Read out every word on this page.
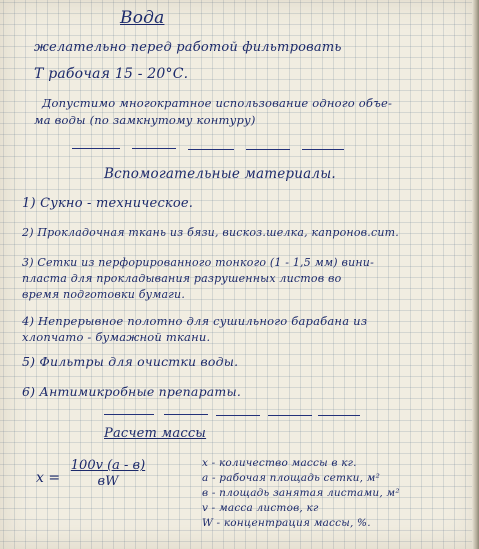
Вода

желательно перед работой фильтровать

Т рабочая 15 - 20°С.

Допустимо многократное использование одного объе-

ма воды (по замкнутому контуру)

Вспомогательные материалы.

1) Сукно - техническое.

2) Прокладочная ткань из бязи, вискоз.шелка, капронов.сит.

3) Сетки из перфорированного тонкого (1 - 1,5 мм) вини-

пласта для прокладывания разрушенных листов во

время подготовки бумаги.

4) Непрерывное полотно для сушильного барабана из

хлопчато - бумажной ткани.

5) Фильтры для очистки воды.

6) Антимикробные препараты.

Расчет массы

x =
100v (a - в)
вW

x - количество массы в кг.

а - рабочая площадь сетки, м²

в - площадь занятая листами, м²

v - масса листов, кг

W - концентрация массы, %.
